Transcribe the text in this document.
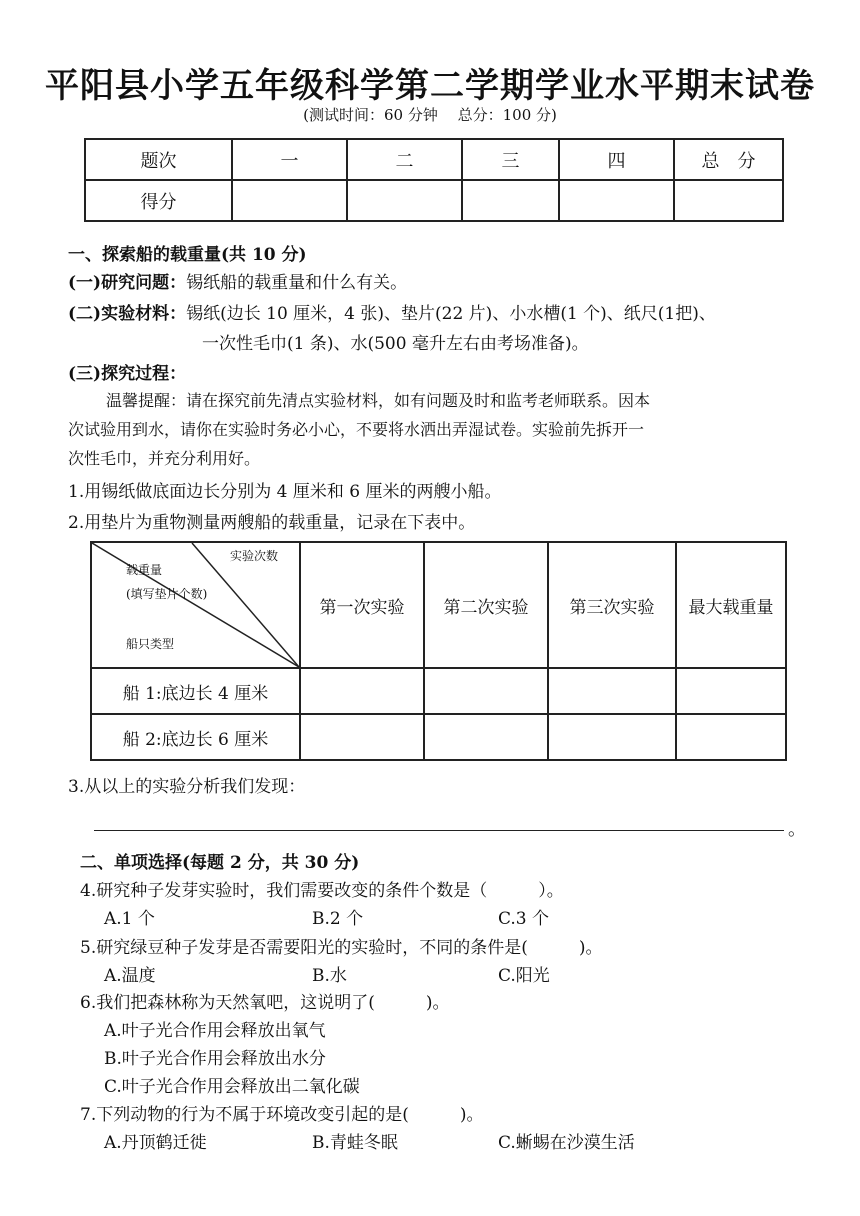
平阳县小学五年级科学第二学期学业水平期末试卷
(测试时间：60 分钟　 总分：100 分)
题次	一	二	三	四	总　分
得分					
一、探索船的载重量(共 10 分)
(一)研究问题：锡纸船的载重量和什么有关。
(二)实验材料：锡纸(边长 10 厘米，4 张)、垫片(22 片)、小水槽(1 个)、纸尺(1把)、
一次性毛巾(1 条)、水(500 毫升左右由考场准备)。
(三)探究过程：
温馨提醒：请在探究前先清点实验材料，如有问题及时和监考老师联系。因本
次试验用到水，请你在实验时务必小心，不要将水洒出弄湿试卷。实验前先拆开一
次性毛巾，并充分利用好。
1.用锡纸做底面边长分别为 4 厘米和 6 厘米的两艘小船。
2.用垫片为重物测量两艘船的载重量，记录在下表中。
实验次数
载重量
(填写垫片个数)
船只类型	第一次实验	第二次实验	第三次实验	最大载重量
船 1:底边长 4 厘米				
船 2:底边长 6 厘米				
3.从以上的实验分析我们发现：
。
二、单项选择(每题 2 分，共 30 分)
4.研究种子发芽实验时，我们需要改变的条件个数是（　　　）。
A.1 个	B.2 个	C.3 个
5.研究绿豆种子发芽是否需要阳光的实验时，不同的条件是(　　　)。
A.温度	B.水	C.阳光
6.我们把森林称为天然氧吧，这说明了(　　　)。
A.叶子光合作用会释放出氧气
B.叶子光合作用会释放出水分
C.叶子光合作用会释放出二氧化碳
7.下列动物的行为不属于环境改变引起的是(　　　)。
A.丹顶鹤迁徙	B.青蛙冬眠	C.蜥蜴在沙漠生活
